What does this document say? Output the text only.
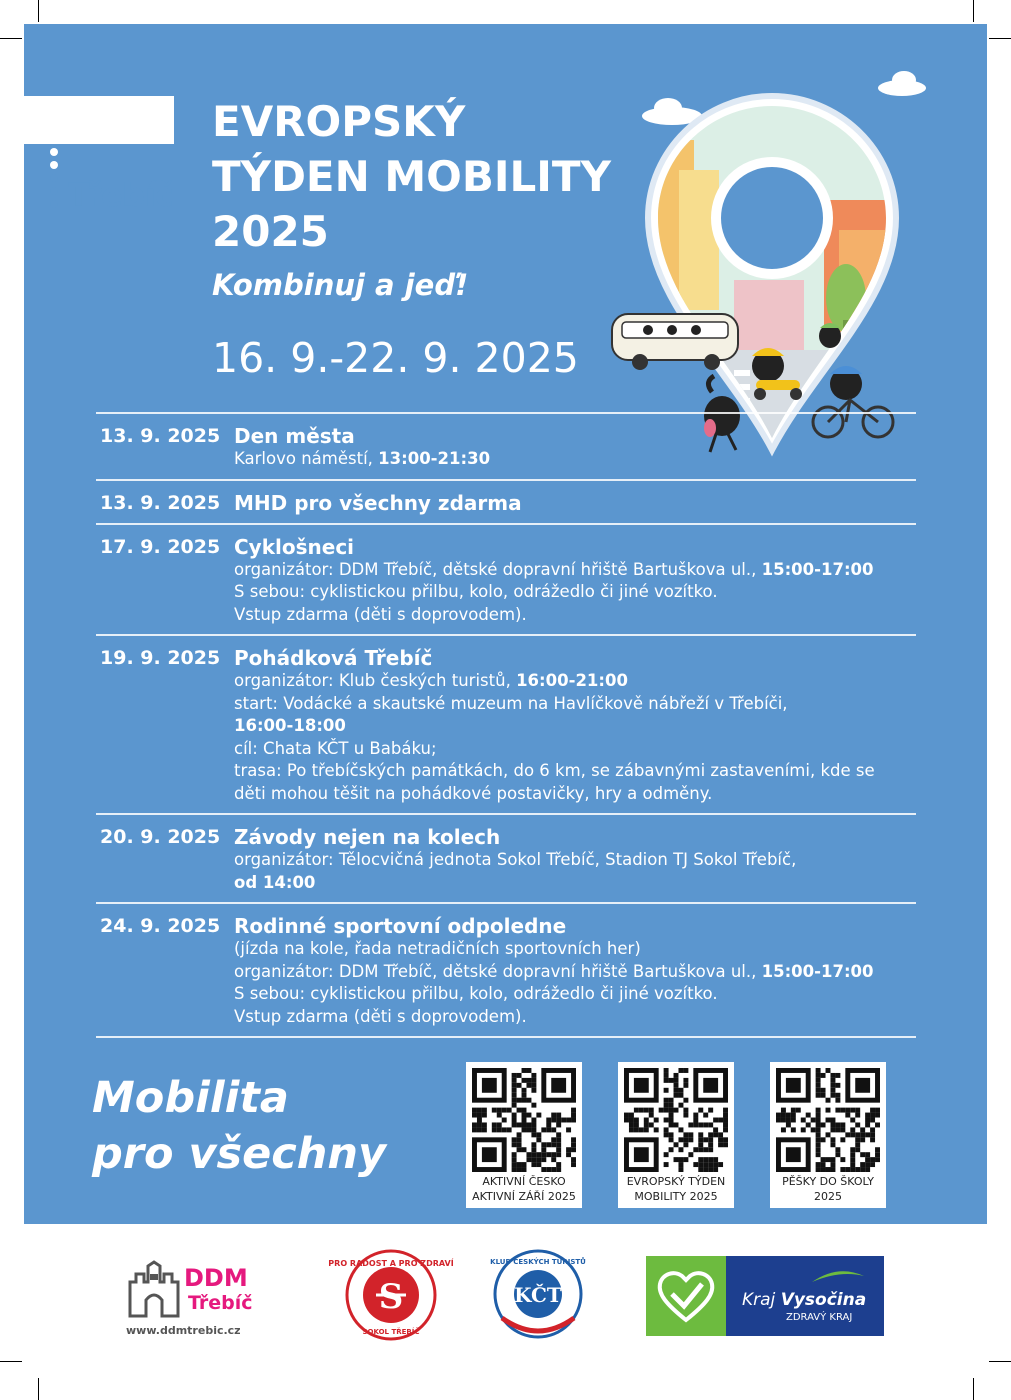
Třebíč
EVROPSKÝ
TÝDEN MOBILITY
2025
Kombinuj a jeď!
16. 9.-22. 9. 2025
13. 9. 2025 Den města
Karlovo náměstí, 13:00-21:30
13. 9. 2025 MHD pro všechny zdarma
17. 9. 2025 Cyklošneci
organizátor: DDM Třebíč, dětské dopravní hřiště Bartuškova ul., 15:00-17:00
S sebou: cyklistickou přilbu, kolo, odrážedlo či jiné vozítko.
Vstup zdarma (děti s doprovodem).
19. 9. 2025 Pohádková Třebíč
organizátor: Klub českých turistů, 16:00-21:00
start: Vodácké a skautské muzeum na Havlíčkově nábřeží v Třebíči,
16:00-18:00
cíl: Chata KČT u Babáku;
trasa: Po třebíčských památkách, do 6 km, se zábavnými zastaveními, kde se
děti mohou těšit na pohádkové postavičky, hry a odměny.
20. 9. 2025 Závody nejen na kolech
organizátor: Tělocvičná jednota Sokol Třebíč, Stadion TJ Sokol Třebíč,
od 14:00
24. 9. 2025 Rodinné sportovní odpoledne
(jízda na kole, řada netradičních sportovních her)
organizátor: DDM Třebíč, dětské dopravní hřiště Bartuškova ul., 15:00-17:00
S sebou: cyklistickou přilbu, kolo, odrážedlo či jiné vozítko.
Vstup zdarma (děti s doprovodem).
Mobilita
pro všechny
AKTIVNÍ ČESKO
AKTIVNÍ ZÁŘÍ 2025
EVROPSKÝ TÝDEN
MOBILITY 2025
PĚŠKY DO ŠKOLY
2025
DDM
Třebíč
www.ddmtrebic.cz
S
PRO RADOST A PRO ZDRAVÍ
SOKOL TŘEBÍČ
KČT
KLUB ČESKÝCH TURISTŮ
Kraj Vysočina
ZDRAVÝ KRAJ
